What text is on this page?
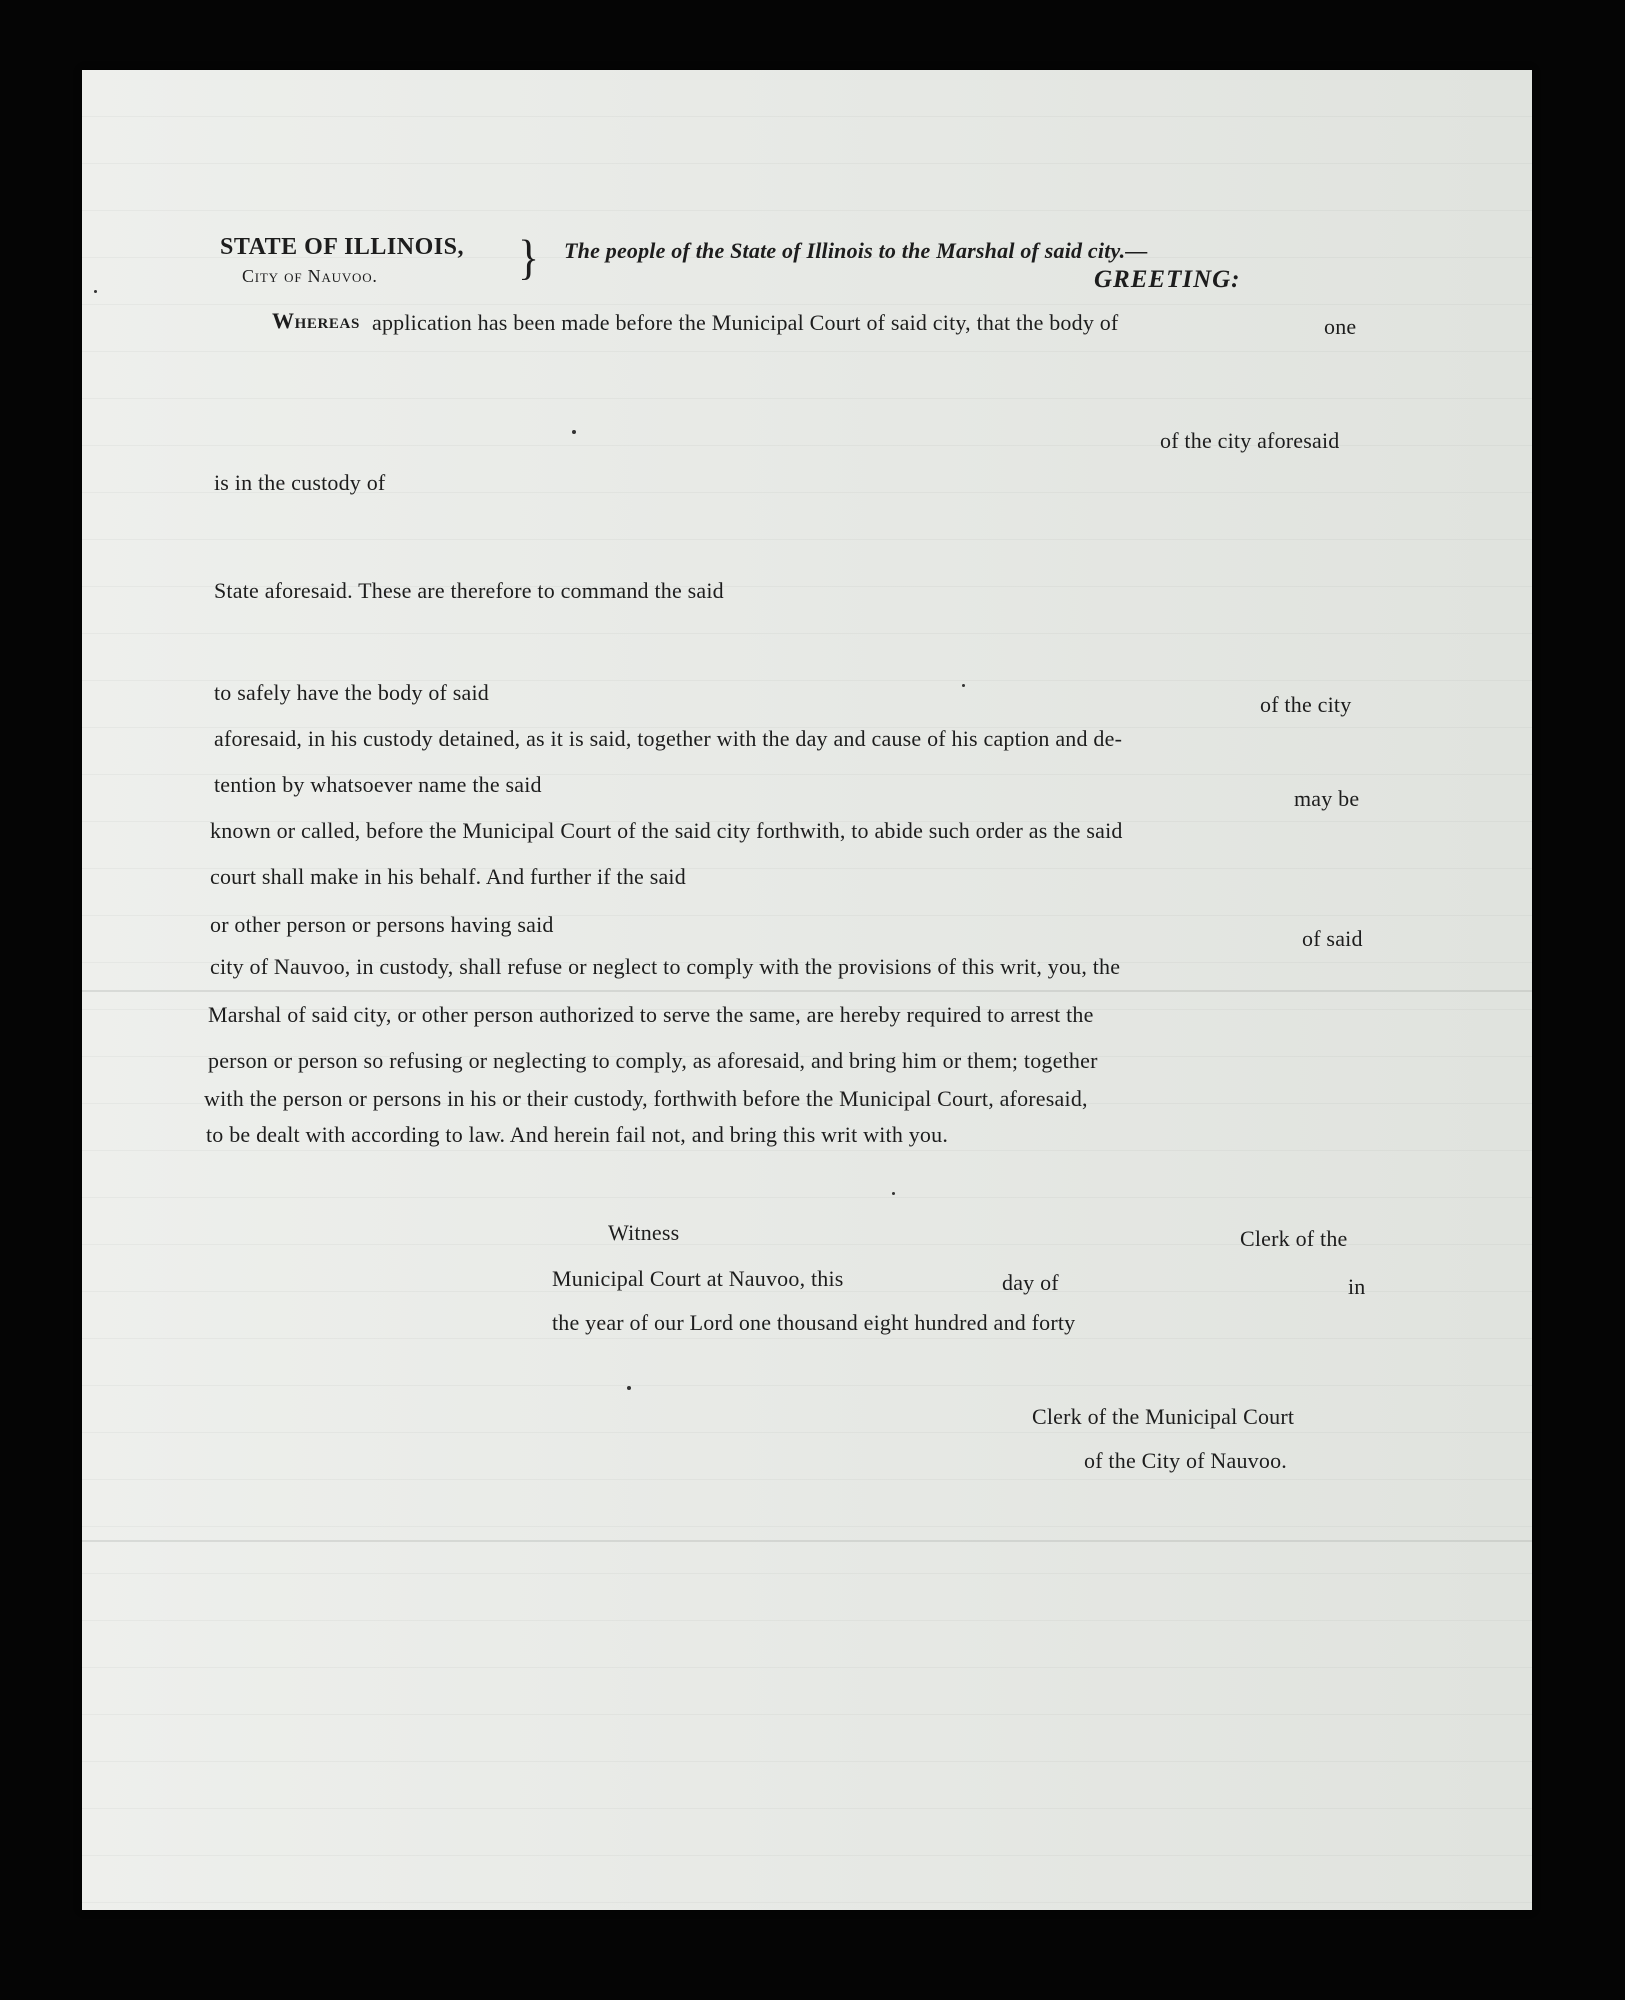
STATE OF ILLINOIS,
City of Nauvoo.	} The people of the State of Illinois to the Marshal of said city.—
GREETING:
Whereas application has been made before the Municipal Court of said city, that the body of	one
of the city aforesaid
is in the custody of
State aforesaid. These are therefore to command the said
to safely have the body of said	of the city
aforesaid, in his custody detained, as it is said, together with the day and cause of his caption and de-
tention by whatsoever name the said
may be
known or called, before the Municipal Court of the said city forthwith, to abide such order as the said
court shall make in his behalf. And further if the said
or other person or persons having said
of said
city of Nauvoo, in custody, shall refuse or neglect to comply with the provisions of this writ, you, the
Marshal of said city, or other person authorized to serve the same, are hereby required to arrest the
person or person so refusing or neglecting to comply, as aforesaid, and bring him or them; together
with the person or persons in his or their custody, forthwith before the Municipal Court, aforesaid,
to be dealt with according to law. And herein fail not, and bring this writ with you.
Witness	Clerk of the
Municipal Court at Nauvoo, this	day of	in
the year of our Lord one thousand eight hundred and forty
Clerk of the Municipal Court
of the City of Nauvoo.
